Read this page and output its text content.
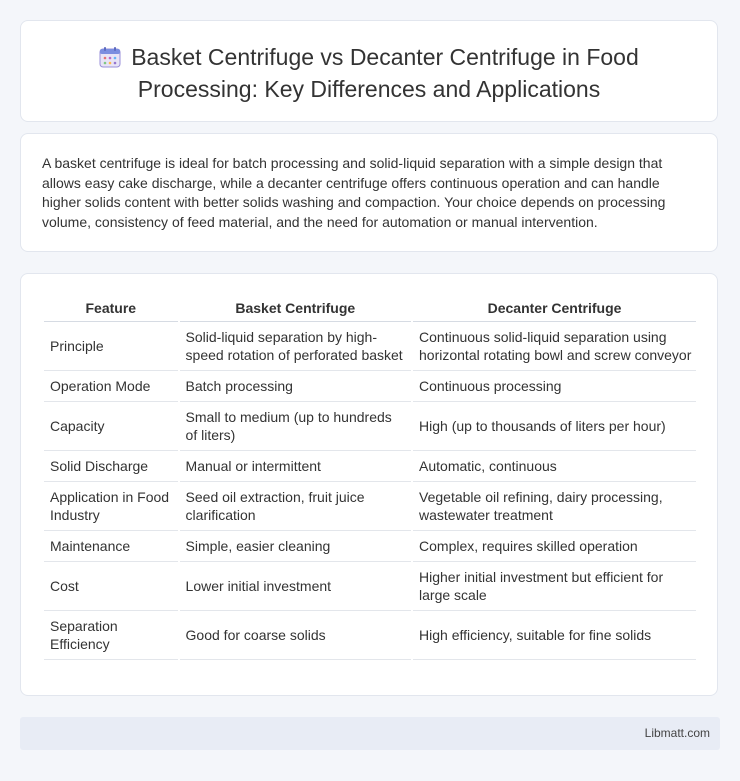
Basket Centrifuge vs Decanter Centrifuge in Food Processing: Key Differences and Applications

A basket centrifuge is ideal for batch processing and solid-liquid separation with a simple design that allows easy cake discharge, while a decanter centrifuge offers continuous operation and can handle higher solids content with better solids washing and compaction. Your choice depends on processing volume, consistency of feed material, and the need for automation or manual intervention.

Feature	Basket Centrifuge	Decanter Centrifuge
Principle	Solid-liquid separation by high-speed rotation of perforated basket	Continuous solid-liquid separation using horizontal rotating bowl and screw conveyor
Operation Mode	Batch processing	Continuous processing
Capacity	Small to medium (up to hundreds of liters)	High (up to thousands of liters per hour)
Solid Discharge	Manual or intermittent	Automatic, continuous
Application in Food Industry	Seed oil extraction, fruit juice clarification	Vegetable oil refining, dairy processing, wastewater treatment
Maintenance	Simple, easier cleaning	Complex, requires skilled operation
Cost	Lower initial investment	Higher initial investment but efficient for large scale
Separation Efficiency	Good for coarse solids	High efficiency, suitable for fine solids
Libmatt.com
